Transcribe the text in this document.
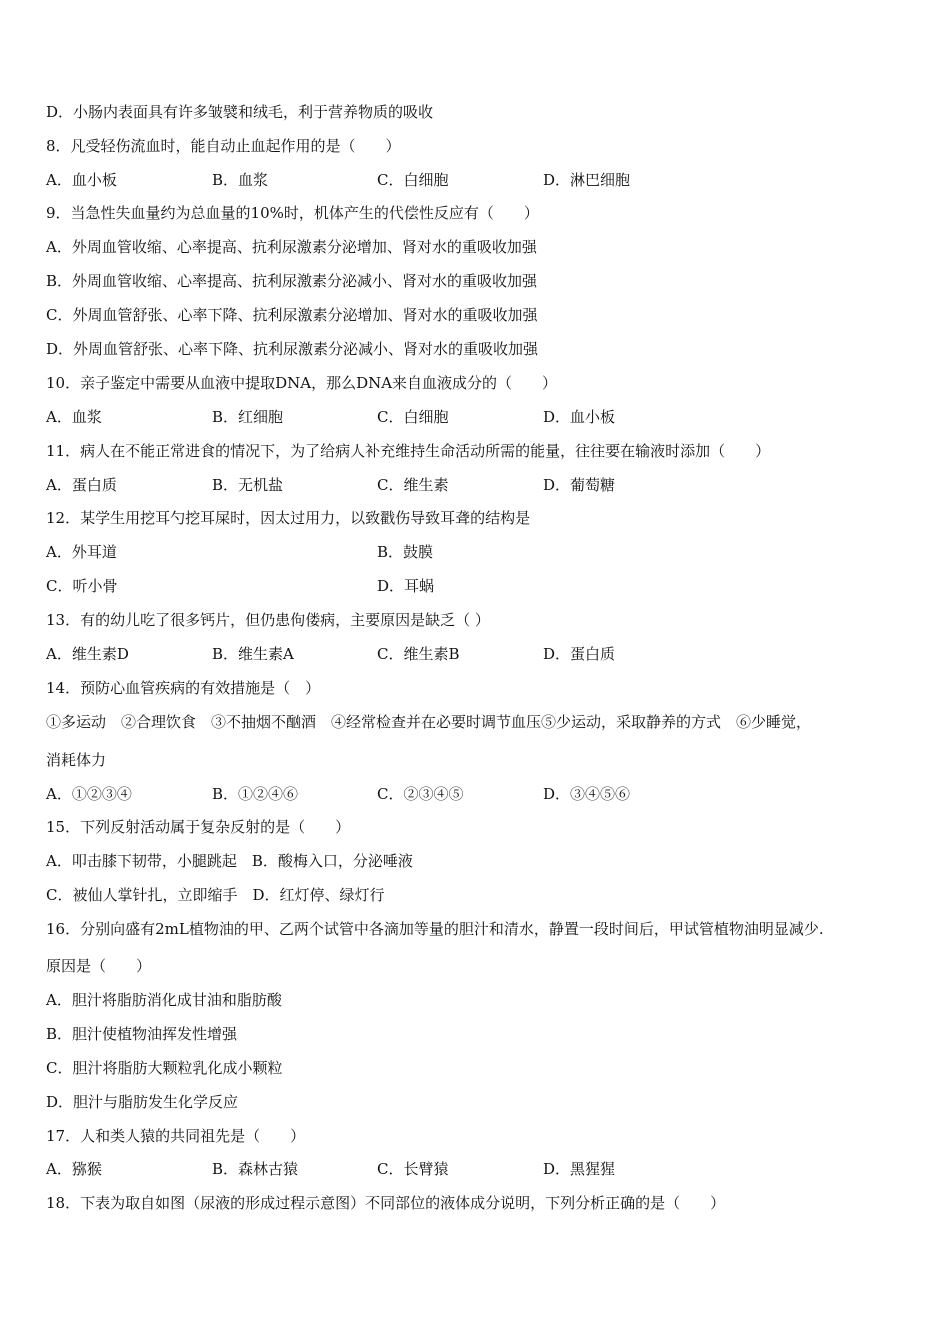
D．小肠内表面具有许多皱襞和绒毛，利于营养物质的吸收
8．凡受轻伤流血时，能自动止血起作用的是（　　）
A．血小板	B．血浆	C．白细胞	D．淋巴细胞
9．当急性失血量约为总血量的10%时，机体产生的代偿性反应有（　　）
A．外周血管收缩、心率提高、抗利尿激素分泌增加、肾对水的重吸收加强
B．外周血管收缩、心率提高、抗利尿激素分泌减小、肾对水的重吸收加强
C．外周血管舒张、心率下降、抗利尿激素分泌增加、肾对水的重吸收加强
D．外周血管舒张、心率下降、抗利尿激素分泌减小、肾对水的重吸收加强
10．亲子鉴定中需要从血液中提取DNA，那么DNA来自血液成分的（　　）
A．血浆	B．红细胞	C．白细胞	D．血小板
11．病人在不能正常进食的情况下，为了给病人补充维持生命活动所需的能量，往往要在输液时添加（　　）
A．蛋白质	B．无机盐	C．维生素	D．葡萄糖
12．某学生用挖耳勺挖耳屎时，因太过用力，以致戳伤导致耳聋的结构是
A．外耳道	B．鼓膜
C．听小骨	D．耳蜗
13．有的幼儿吃了很多钙片，但仍患佝偻病，主要原因是缺乏（ ）
A．维生素D	B．维生素A	C．维生素B	D．蛋白质
14．预防心血管疾病的有效措施是（　）
①多运动　②合理饮食　③不抽烟不酗酒　④经常检查并在必要时调节血压⑤少运动，采取静养的方式　⑥少睡觉，
消耗体力
A．①②③④	B．①②④⑥	C．②③④⑤	D．③④⑤⑥
15．下列反射活动属于复杂反射的是（　　）
A．叩击膝下韧带，小腿跳起　B．酸梅入口，分泌唾液
C．被仙人掌针扎，立即缩手　D．红灯停、绿灯行
16．分别向盛有2mL植物油的甲、乙两个试管中各滴加等量的胆汁和清水，静置一段时间后，甲试管植物油明显减少.
原因是（　　）
A．胆汁将脂肪消化成甘油和脂肪酸
B．胆汁使植物油挥发性增强
C．胆汁将脂肪大颗粒乳化成小颗粒
D．胆汁与脂肪发生化学反应
17．人和类人猿的共同祖先是（　　）
A．猕猴	B．森林古猿	C．长臂猿	D．黑猩猩
18．下表为取自如图（尿液的形成过程示意图）不同部位的液体成分说明，下列分析正确的是（　　）
